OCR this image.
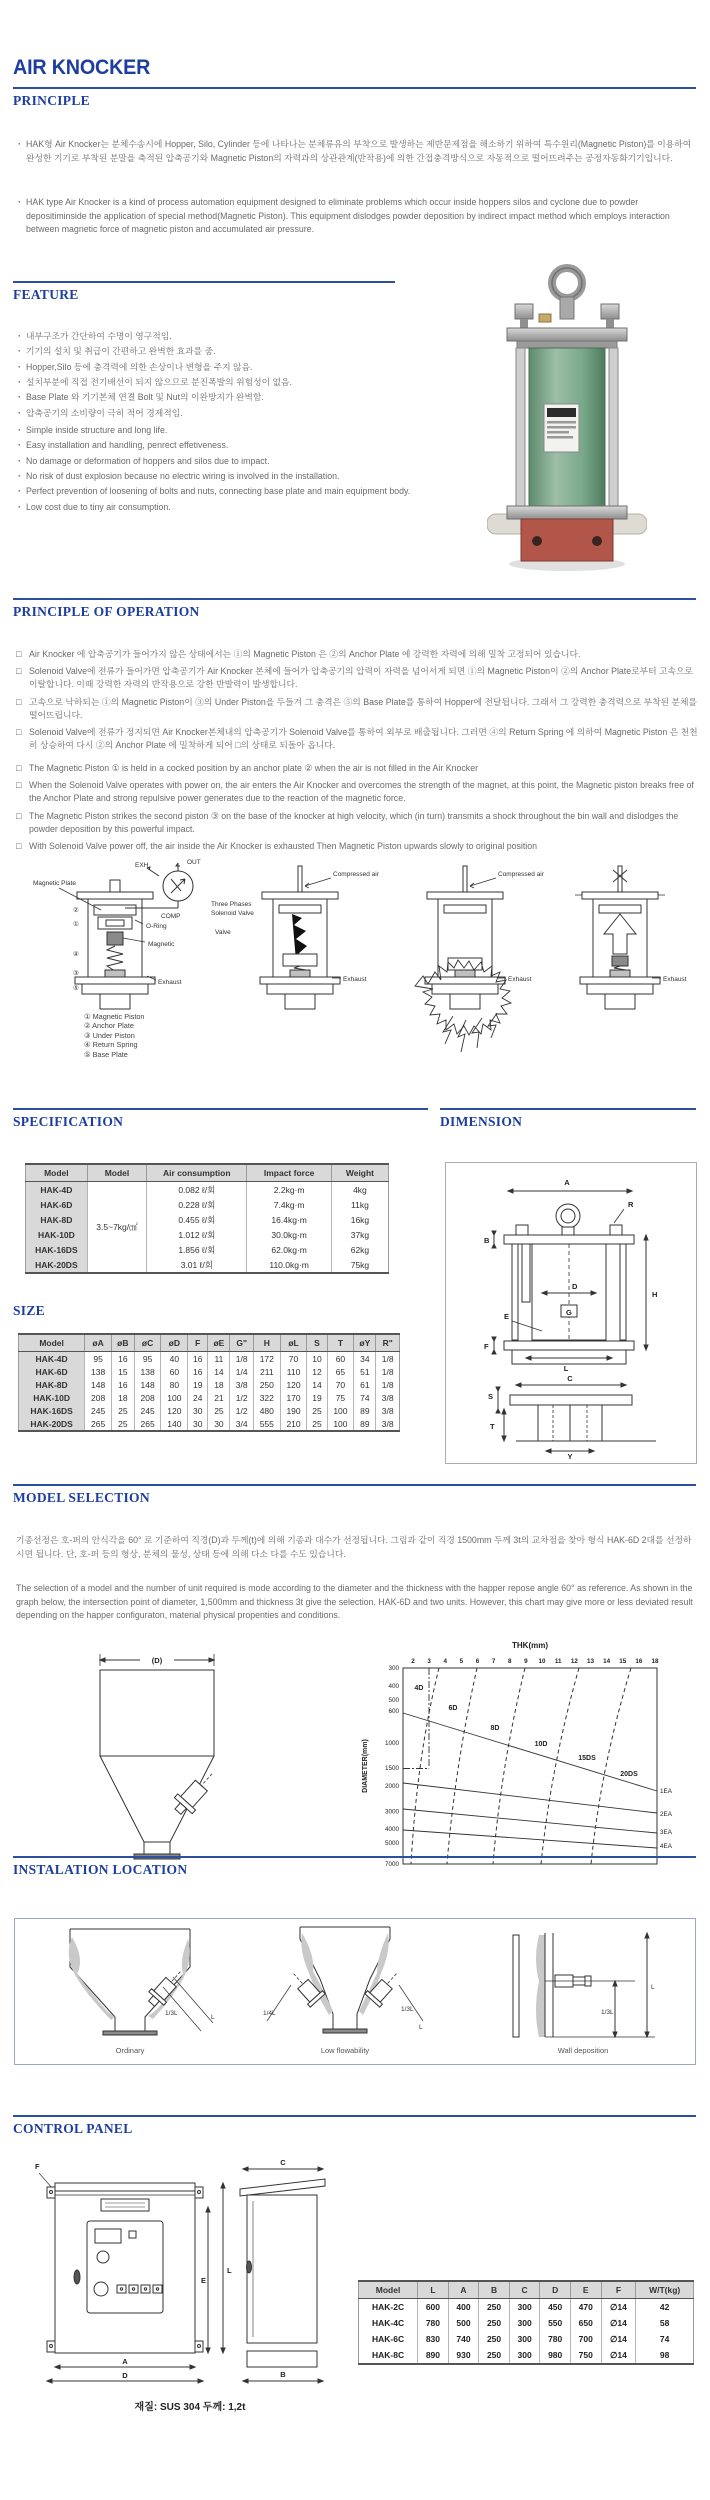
AIR KNOCKER
PRINCIPLE

· HAK형 Air Knocker는 분체수송시에 Hopper, Silo, Cylinder 등에 나타나는 분체류유의 부착으로 발생하는 제반문제점을 해소하기 위하여 특수원리(Magnetic Piston)를 이용하여 완성한 기기로 부착된 분말을 축적된 압축공기와 Magnetic Piston의 자력과의 상관관계(반작용)에 의한 간접충격방식으로 자동적으로 떨어뜨려주는 공정자동화기기입니다.

· HAK type Air Knocker is a kind of process automation equipment designed to eliminate problems which occur inside hoppers silos and cyclone due to powder depositiminside the application of special method(Magnetic Piston). This equipment dislodges powder deposition by indirect impact method which employs interaction between magnetic force of magnetic piston and accumulated air pressure.

FEATURE
· 내부구조가 간단하여 수명이 영구적임.
· 기기의 설치 및 취급이 간편하고 완벽한 효과를 줌.
· Hopper,Silo 등에 충격력에 의한 손상이나 변형을 주지 않음.
· 설치부분에 직접 전기배선이 되지 않으므로 분진폭발의 위험성이 없음.
· Base Plate 와 기기본체 연결 Bolt 및 Nut의 이완방지가 완벽함.
· 압축공기의 소비량이 극히 적어 경제적임.
· Simple inside structure and long life.
· Easy installation and handling, penrect effetiveness.
· No damage or deformation of hoppers and silos due to impact.
· No risk of dust explosion because no electric wiring is involved in the installation.
· Perfect prevention of loosening of bolts and nuts, connecting base plate and main equipment body.
· Low cost due to tiny air consumption.
PRINCIPLE OF OPERATION
□ Air Knocker 에 압축공기가 들어가지 않은 상태에서는 ①의 Magnetic Piston 은 ②의 Anchor Plate 에 강력한 자력에 의해 밀착 고정되어 있습니다.
□ Solenoid Valve에 전류가 들어가면 압축공기가 Air Knocker 본체에 들어가 압축공기의 압력이 자력을 넘어서게 되면 ①의 Magnetic Piston이 ②의 Anchor Plate로부터 고속으로 이탈합니다. 이때 강력한 자력의 반작용으로 강한 반발력이 발생합니다.
□ 고속으로 낙하되는 ①의 Magnetic Piston이 ③의 Under Piston을 두들겨 그 충격은 ⑤의 Base Plate를 통하여 Hopper에 전달됩니다. 그래서 그 강력한 충격력으로 부착된 분체를 떨어뜨립니다.
□ Solenoid Valve에 전류가 정지되면 Air Knocker본체내의 압축공기가 Solenoid Valve를 통하여 외부로 배출됩니다. 그러면 ④의 Return Spring 에 의하여 Magnetic Piston 은 천천히 상승하여 다시 ②의 Anchor Plate 에 밀착하게 되어 □의 상태로 되돌아 옵니다.
□ The Magnetic Piston ① is held in a cocked position by an anchor plate ② when the air is not filled in the Air Knocker
□ When the Solenoid Valve operates with power on, the air enters the Air Knocker and overcomes the strength of the magnet, at this point, the Magnetic piston breaks free of the Anchor Plate and strong repulsive power generates due to the reaction of the magnetic force.
□ The Magnetic Piston strikes the second piston ③ on the base of the knocker at high velocity, which (in turn) transmits a shock throughout the bin wall and dislodges the powder deposition by this powerful impact.
□ With Solenoid Valve power off, the air inside the Air Knocker is exhausted Then Magnetic Piston upwards slowly to original position
Magnetic Plate
EXH	OUT
COMP
Three Phases
Solenoid Valve
Valve
O-Ring
Magnetic
Exhaust
②
①
④
③
⑤
Compressed air
Exhaust
Compressed air
Exhaust	Exhaust
① Magnetic Piston
② Anchor Plate
③ Under Piston
④ Return Spring
⑤ Base Plate
SPECIFICATION	DIMENSION
Model	Model	Air consumption	Impact force	Weight
HAK-4D	3.5~7kg/㎠	0.082 ℓ/회	2.2kg·m	4kg
HAK-6D		0.228 ℓ/회	7.4kg·m	11kg
HAK-8D		0.455 ℓ/회	16.4kg·m	16kg
HAK-10D		1.012 ℓ/회	30.0kg·m	37kg
HAK-16DS		1.856 ℓ/회	62.0kg·m	62kg
HAK-20DS		3.01 ℓ/회	110.0kg·m	75kg
A
R
B
D
H
E	G
F
L
C
S
T
Y
SIZE
Model	øA	øB	øC	øD	F	øE	G"	H	øL	S	T	øY	R"
HAK-4D	95	16	95	40	16	11	1/8	172	70	10	60	34	1/8
HAK-6D	138	15	138	60	16	14	1/4	211	110	12	65	51	1/8
HAK-8D	148	16	148	80	19	18	3/8	250	120	14	70	61	1/8
HAK-10D	208	18	208	100	24	21	1/2	322	170	19	75	74	3/8
HAK-16DS	245	25	245	120	30	25	1/2	480	190	25	100	89	3/8
HAK-20DS	265	25	265	140	30	30	3/4	555	210	25	100	89	3/8
MODEL SELECTION

기종선정은 호-퍼의 안식각을 60° 로 기준하여 직경(D)과 두께(t)에 의해 기종과 대수가 선정됩니다. 그림과 같이 직경 1500mm 두께 3t의 교차점을 찾아 형식 HAK-6D 2대를 선정하시면 됩니다. 단, 호-퍼 등의 형상, 분체의 물성, 상태 등에 의해 다소 다를 수도 있습니다.

The selection of a model and the number of unit required is mode according to the diameter and the thickness with the happer repose angle 60° as reference. As shown in the graph below, the intersection point of diameter, 1,500mm and thickness 3t give the selection. HAK-6D and two units. However, this chart may give more or less deviated result depending on the happer configuraton, material physical propenties and conditions.

(D)
THK(mm)
DIAMETER(mm)
2 3 4 5 6 7 8 9 10 11 12 13 14 15 16 18
300
400
500
600
1000
1500
2000
3000
4000
5000
7000
1EA
2EA
3EA
4EA
4D
6D
8D
10D
15DS
20DS
INSTALATION LOCATION
1/3L
L
1/4L
1/3L
L
1/3L
L
Ordinary	Low flowability	Wall deposition
CONTROL PANEL
F
E
L
A
D
C
B
재질: SUS 304 두께: 1,2t
Model	L	A	B	C	D	E	F	W/T(kg)
HAK-2C	600	400	250	300	450	470	∅14	42
HAK-4C	780	500	250	300	550	650	∅14	58
HAK-6C	830	740	250	300	780	700	∅14	74
HAK-8C	890	930	250	300	980	750	∅14	98
